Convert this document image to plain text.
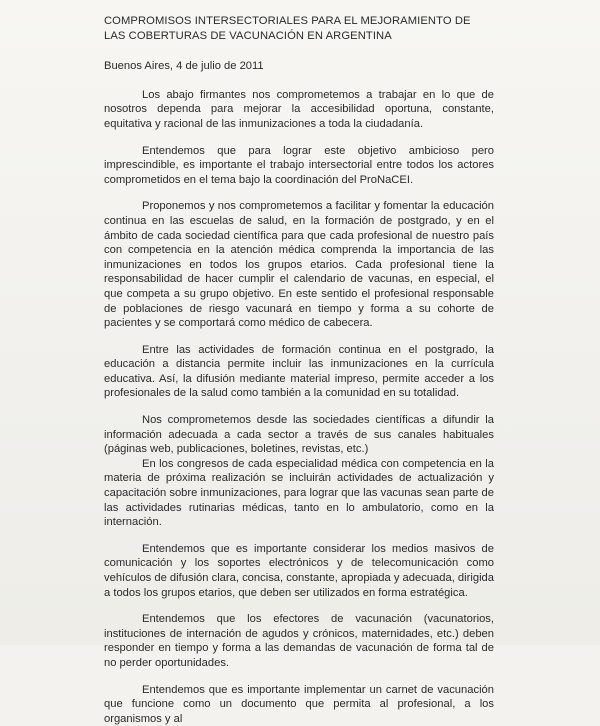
COMPROMISOS INTERSECTORIALES PARA EL MEJORAMIENTO DE LAS COBERTURAS DE VACUNACIÓN EN ARGENTINA
Buenos Aires, 4 de julio de 2011

Los abajo firmantes nos comprometemos a trabajar en lo que de nosotros dependa para mejorar la accesibilidad oportuna, constante, equitativa y racional de las inmunizaciones a toda la ciudadanía.

Entendemos que para lograr este objetivo ambicioso pero imprescindible, es importante el trabajo intersectorial entre todos los actores comprometidos en el tema bajo la coordinación del ProNaCEI.

Proponemos y nos comprometemos a facilitar y fomentar la educación continua en las escuelas de salud, en la formación de postgrado, y en el ámbito de cada sociedad científica para que cada profesional de nuestro país con competencia en la atención médica comprenda la importancia de las inmunizaciones en todos los grupos etarios. Cada profesional tiene la responsabilidad de hacer cumplir el calendario de vacunas, en especial, el que competa a su grupo objetivo. En este sentido el profesional responsable de poblaciones de riesgo vacunará en tiempo y forma a su cohorte de pacientes y se comportará como médico de cabecera.

Entre las actividades de formación continua en el postgrado, la educación a distancia permite incluir las inmunizaciones en la currícula educativa. Así, la difusión mediante material impreso, permite acceder a los profesionales de la salud como también a la comunidad en su totalidad.

Nos comprometemos desde las sociedades científicas a difundir la información adecuada a cada sector a través de sus canales habituales (páginas web, publicaciones, boletines, revistas, etc.)

En los congresos de cada especialidad médica con competencia en la materia de próxima realización se incluirán actividades de actualización y capacitación sobre inmunizaciones, para lograr que las vacunas sean parte de las actividades rutinarias médicas, tanto en lo ambulatorio, como en la internación.

Entendemos que es importante considerar los medios masivos de comunicación y los soportes electrónicos y de telecomunicación como vehículos de difusión clara, concisa, constante, apropiada y adecuada, dirigida a todos los grupos etarios, que deben ser utilizados en forma estratégica.

Entendemos que los efectores de vacunación (vacunatorios, instituciones de internación de agudos y crónicos, maternidades, etc.) deben responder en tiempo y forma a las demandas de vacunación de forma tal de no perder oportunidades.

Entendemos que es importante implementar un carnet de vacunación que funcione como un documento que permita al profesional, a los organismos y al
